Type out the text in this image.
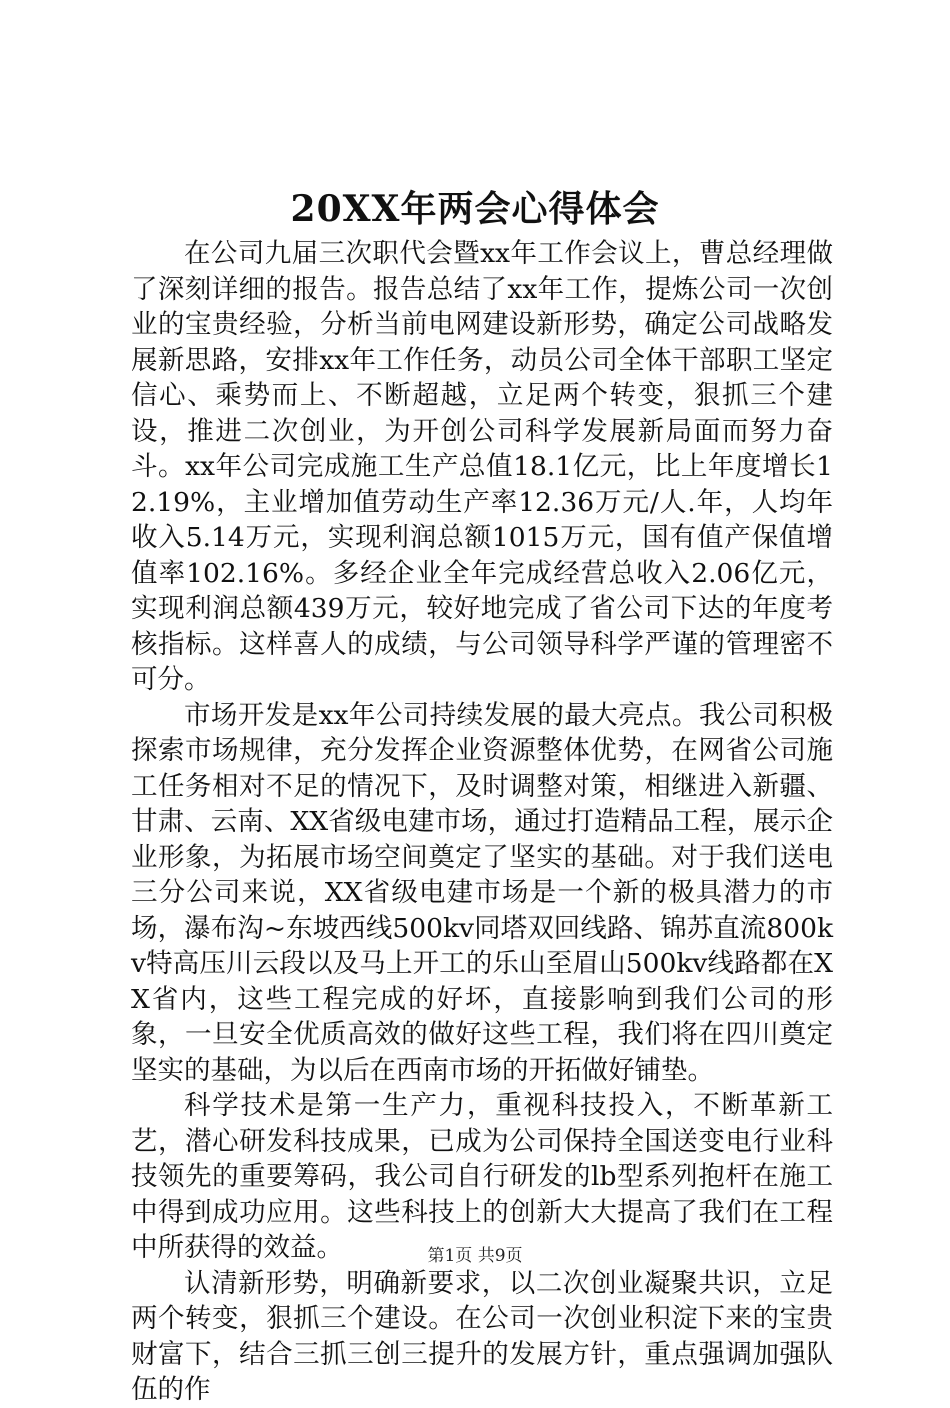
20XX年两会心得体会

在公司九届三次职代会暨xx年工作会议上，曹总经理做了深刻详细的报告。报告总结了xx年工作，提炼公司一次创业的宝贵经验，分析当前电网建设新形势，确定公司战略发展新思路，安排xx年工作任务，动员公司全体干部职工坚定信心、乘势而上、不断超越，立足两个转变，狠抓三个建设，推进二次创业，为开创公司科学发展新局面而努力奋斗。xx年公司完成施工生产总值18.1亿元，比上年度增长12.19%，主业增加值劳动生产率12.36万元/人.年，人均年收入5.14万元，实现利润总额1015万元，国有值产保值增值率102.16%。多经企业全年完成经营总收入2.06亿元，实现利润总额439万元，较好地完成了省公司下达的年度考核指标。这样喜人的成绩，与公司领导科学严谨的管理密不可分。

市场开发是xx年公司持续发展的最大亮点。我公司积极探索市场规律，充分发挥企业资源整体优势，在网省公司施工任务相对不足的情况下，及时调整对策，相继进入新疆、甘肃、云南、XX省级电建市场，通过打造精品工程，展示企业形象，为拓展市场空间奠定了坚实的基础。对于我们送电三分公司来说，XX省级电建市场是一个新的极具潜力的市场，瀑布沟~东坡西线500kv同塔双回线路、锦苏直流800kv特高压川云段以及马上开工的乐山至眉山500kv线路都在XX省内，这些工程完成的好坏，直接影响到我们公司的形象，一旦安全优质高效的做好这些工程，我们将在四川奠定坚实的基础，为以后在西南市场的开拓做好铺垫。

科学技术是第一生产力，重视科技投入，不断革新工艺，潜心研发科技成果，已成为公司保持全国送变电行业科技领先的重要筹码，我公司自行研发的lb型系列抱杆在施工中得到成功应用。这些科技上的创新大大提高了我们在工程中所获得的效益。

认清新形势，明确新要求，以二次创业凝聚共识，立足两个转变，狠抓三个建设。在公司一次创业积淀下来的宝贵财富下，结合三抓三创三提升的发展方针，重点强调加强队伍的作

第1页 共9页
